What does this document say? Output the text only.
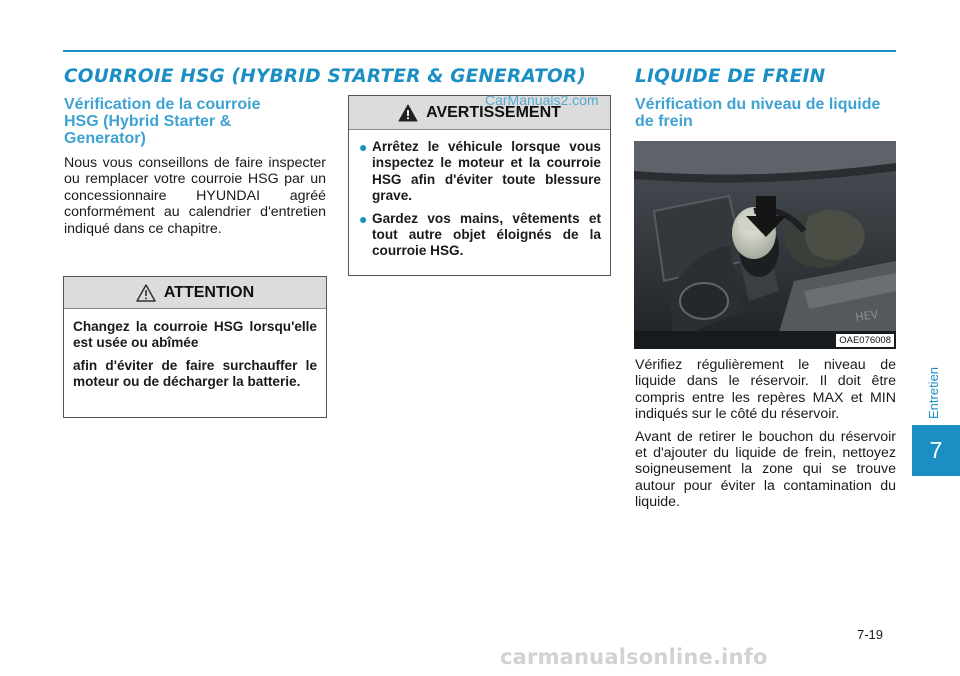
COURROIE HSG (HYBRID STARTER & GENERATOR)
Vérification de la courroie HSG (Hybrid Starter & Generator)
Nous vous conseillons de faire inspecter ou remplacer votre courroie HSG par un concessionnaire HYUNDAI agréé conformément au calendrier d'entretien indiqué dans ce chapitre.
ATTENTION

Changez la courroie HSG lorsqu'elle est usée ou abîmée

afin d'éviter de faire surchauffer le moteur ou de décharger la batterie.

AVERTISSEMENT
● Arrêtez le véhicule lorsque vous inspectez le moteur et la courroie HSG afin d'éviter toute blessure grave.
● Gardez vos mains, vêtements et tout autre objet éloignés de la courroie HSG.
CarManuals2.com
LIQUIDE DE FREIN
Vérification du niveau de liquide de frein
HEV
OAE076008

Vérifiez régulièrement le niveau de liquide dans le réservoir. Il doit être compris entre les repères MAX et MIN indiqués sur le côté du réservoir.

Avant de retirer le bouchon du réservoir et d'ajouter du liquide de frein, nettoyez soigneusement la zone qui se trouve autour pour éviter la contamination du liquide.

Entretien
7
7-19
carmanualsonline.info
